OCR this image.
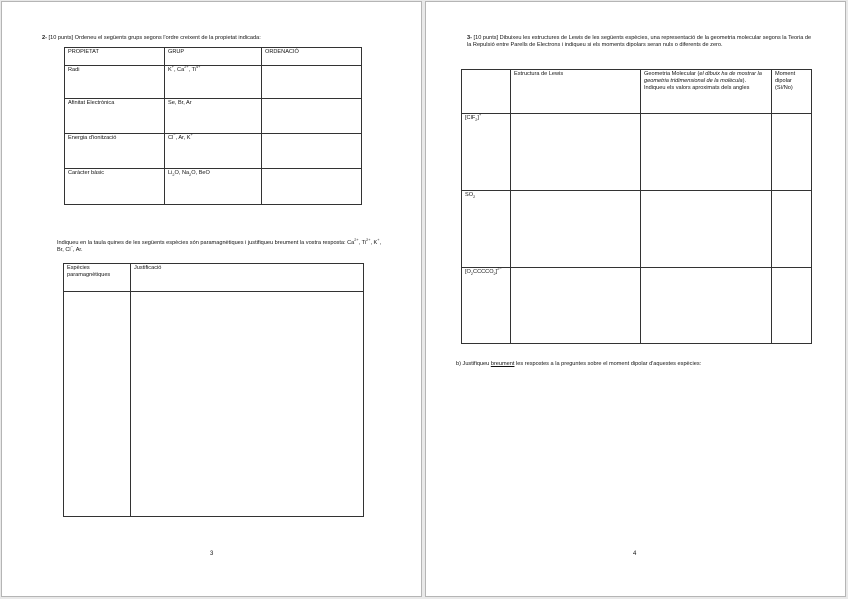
2- [10 punts] Ordeneu el següents grups segons l'ordre creixent de la propietat indicada:
PROPIETAT	GRUP	ORDENACIÓ
Radi	K+, $Ca^{2+}$, $Ti^{4+}$	
Afinitat Electrònica	Se, Br, Ar	
Energia d'ionització	Cl−, Ar, K+	
Caràcter bàsic	$Li_2O$, $Na_2O$, BeO	
Indiqueu en la taula quines de les següents espècies són paramagnètiques i justifiqueu breument la vostra resposta: $Ca^{2+}$, $Ti^{2+}$, K+, Br, Cl−, Ar.
Espècies paramagnètiques	Justificació

3
3- [10 punts] Dibuixeu les estructures de Lewis de les següents espècies, una representació de la geometria molecular segons la Teoria de la Repulsió entre Parells de Electrons i indiqueu si els moments dipolars seran nuls o diferents de zero.
	Estructura de Lewis	Geometria Molecular (el dibuix ha de mostrar la geometria tridimensional de la molècula). Indiqueu els valors aproximats dels angles	Moment dipolar (Sí/No)
[ClF$_2$]+			
$SO_2$			
$[O_2CCCCO_2]^{2-}$			
b) Justifiqueu breument les respostes a la preguntes sobre el moment dipolar d'aquestes espècies:
4
